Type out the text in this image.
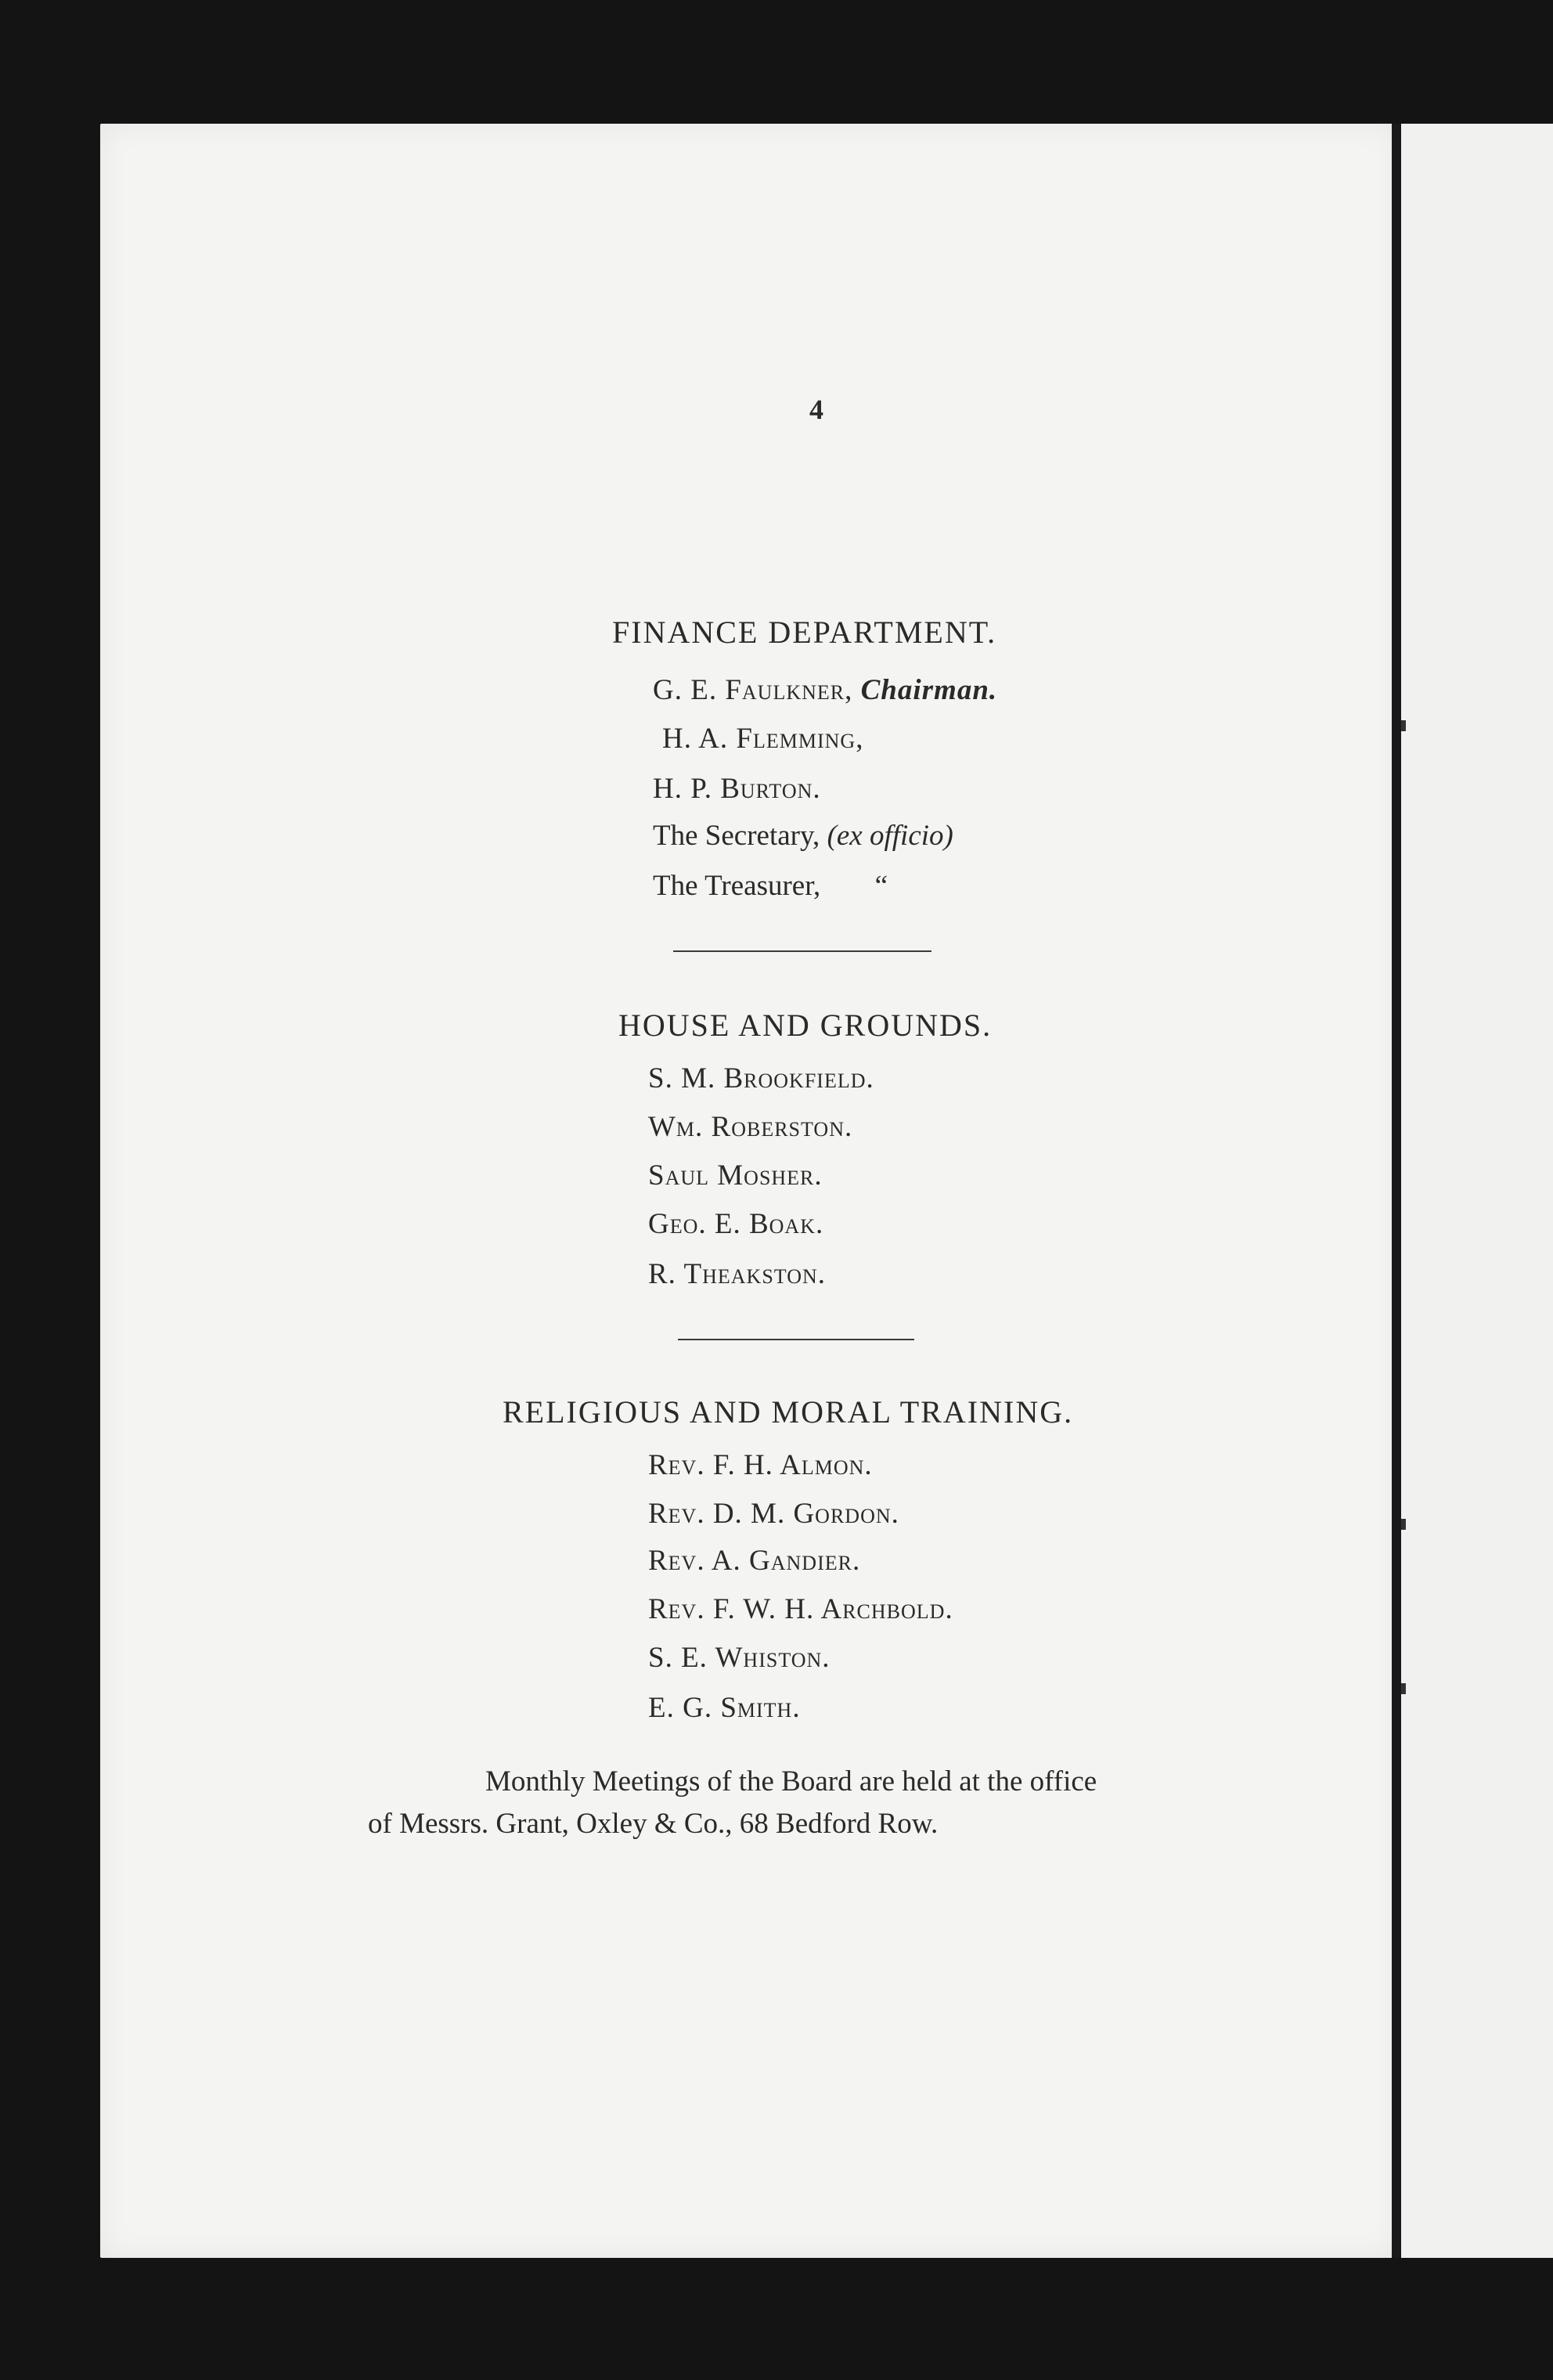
4
FINANCE DEPARTMENT.
G. E. Faulkner, Chairman.
H. A. Flemming,
H. P. Burton.
The Secretary, (ex officio)
The Treasurer, “
HOUSE AND GROUNDS.
S. M. Brookfield.
Wm. Roberston.
Saul Mosher.
Geo. E. Boak.
R. Theakston.
RELIGIOUS AND MORAL TRAINING.
Rev. F. H. Almon.
Rev. D. M. Gordon.
Rev. A. Gandier.
Rev. F. W. H. Archbold.
S. E. Whiston.
E. G. Smith.
Monthly Meetings of the Board are held at the office
of Messrs. Grant, Oxley & Co., 68 Bedford Row.
